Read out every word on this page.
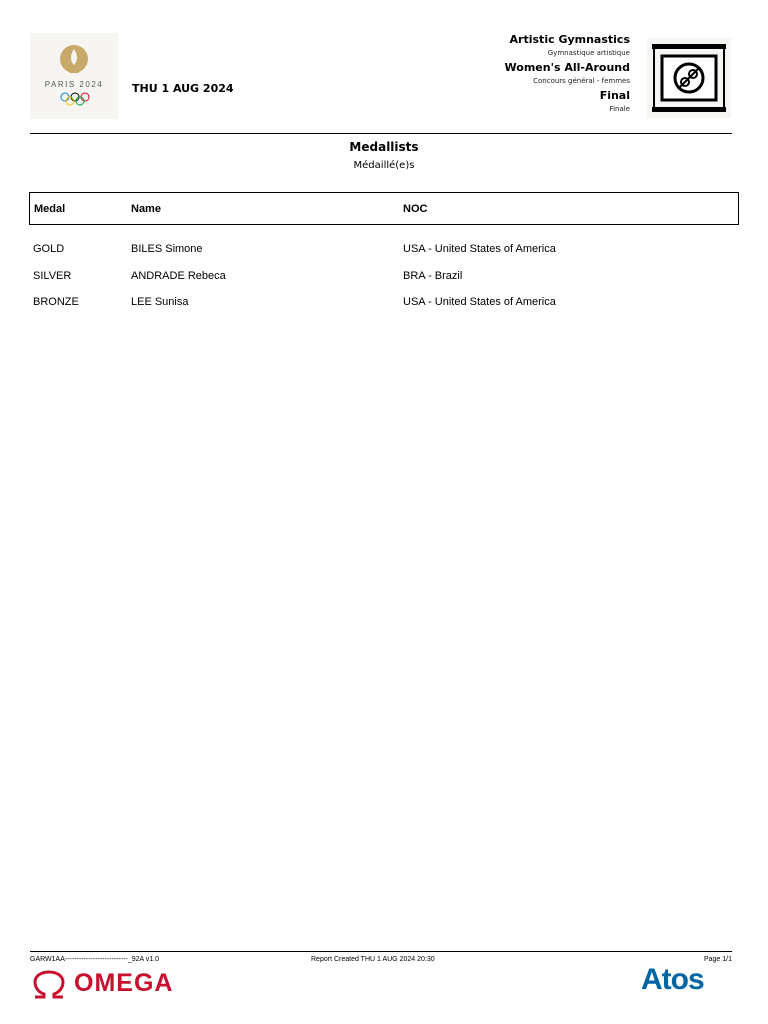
PARIS 2024	THU 1 AUG 2024
Artistic Gymnastics
Gymnastique artistique
Women's All-Around
Concours général - femmes
Final
Finale
Medallists
Médaillé(e)s
Medal	Name	NOC
GOLD	BILES Simone	USA - United States of America
SILVER	ANDRADE Rebeca	BRA - Brazil
BRONZE	LEE Sunisa	USA - United States of America
GARW1AA---------------------------_92A v1.0	Report Created THU 1 AUG 2024 20:30	Page 1/1
OMEGA	Atos
